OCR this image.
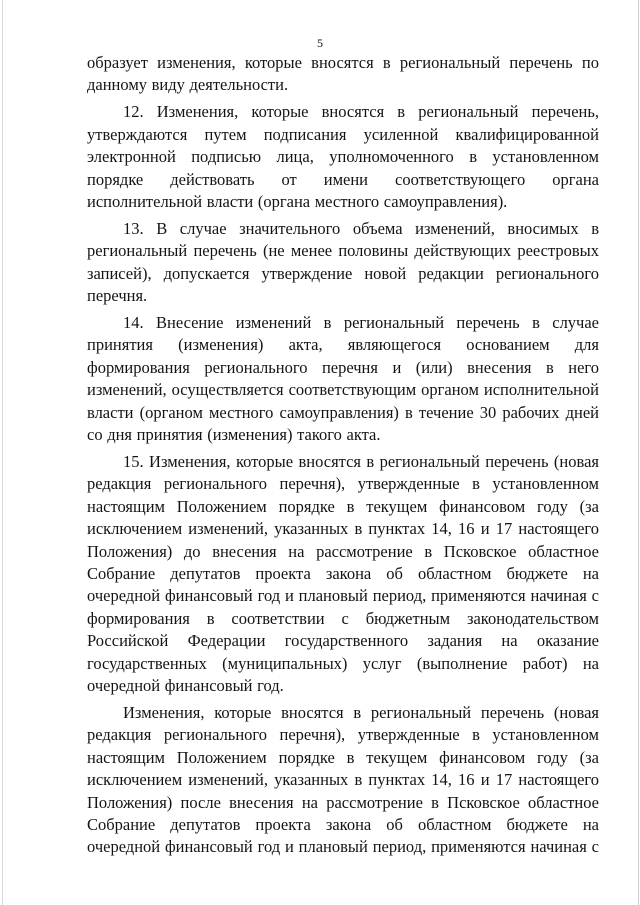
5

образует изменения, которые вносятся в региональный перечень по данному виду деятельности.

12. Изменения, которые вносятся в региональный перечень, утверждаются путем подписания усиленной квалифицированной электронной подписью лица, уполномоченного в установленном порядке действовать от имени соответствующего органа исполнительной власти (органа местного самоуправления).

13. В случае значительного объема изменений, вносимых в региональный перечень (не менее половины действующих реестровых записей), допускается утверждение новой редакции регионального перечня.

14. Внесение изменений в региональный перечень в случае принятия (изменения) акта, являющегося основанием для формирования регионального перечня и (или) внесения в него изменений, осуществляется соответствующим органом исполнительной власти (органом местного самоуправления) в течение 30 рабочих дней со дня принятия (изменения) такого акта.

15. Изменения, которые вносятся в региональный перечень (новая редакция регионального перечня), утвержденные в установленном настоящим Положением порядке в текущем финансовом году (за исключением изменений, указанных в пунктах 14, 16 и 17 настоящего Положения) до внесения на рассмотрение в Псковское областное Собрание депутатов проекта закона об областном бюджете на очередной финансовый год и плановый период, применяются начиная с формирования в соответствии с бюджетным законодательством Российской Федерации государственного задания на оказание государственных (муниципальных) услуг (выполнение работ) на очередной финансовый год.

Изменения, которые вносятся в региональный перечень (новая редакция регионального перечня), утвержденные в установленном настоящим Положением порядке в текущем финансовом году (за исключением изменений, указанных в пунктах 14, 16 и 17 настоящего Положения) после внесения на рассмотрение в Псковское областное Собрание депутатов проекта закона об областном бюджете на очередной финансовый год и плановый период, применяются начиная с
